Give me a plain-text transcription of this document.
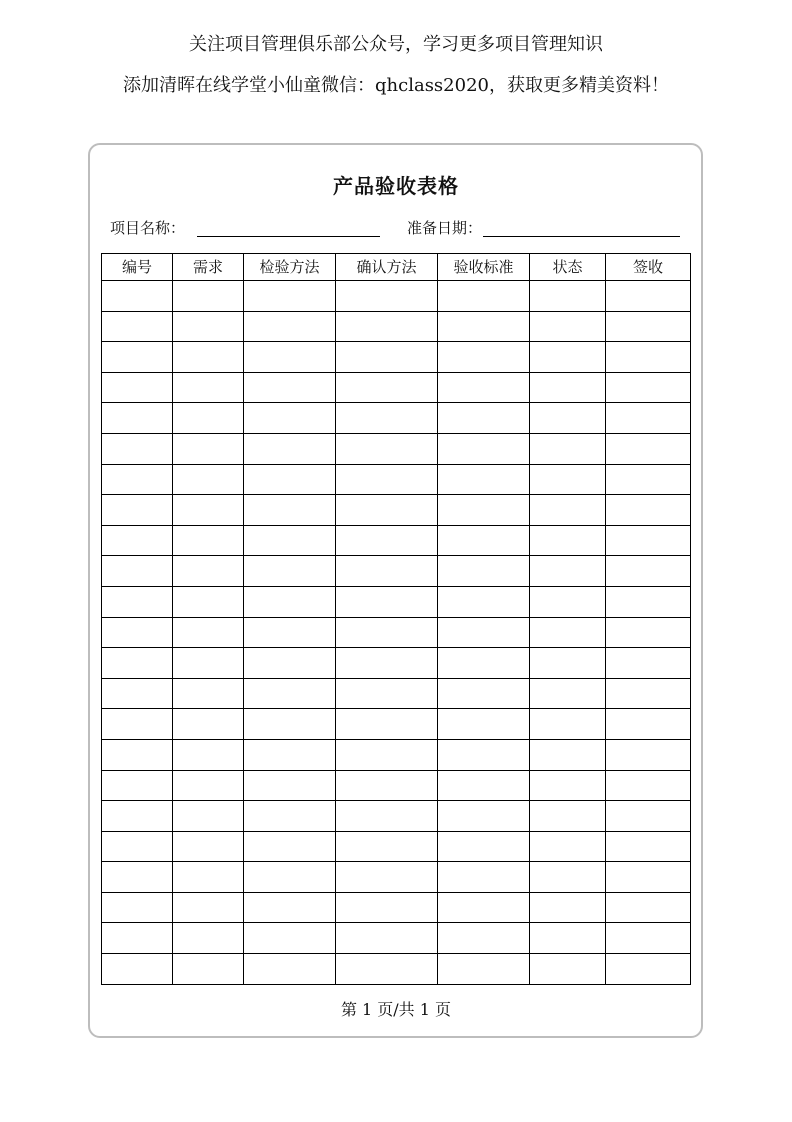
关注项目管理俱乐部公众号，学习更多项目管理知识
添加清晖在线学堂小仙童微信：qhclass2020，获取更多精美资料！
产品验收表格
项目名称：	准备日期：
编号	需求	检验方法	确认方法	验收标准	状态	签收

第 1 页/共 1 页
